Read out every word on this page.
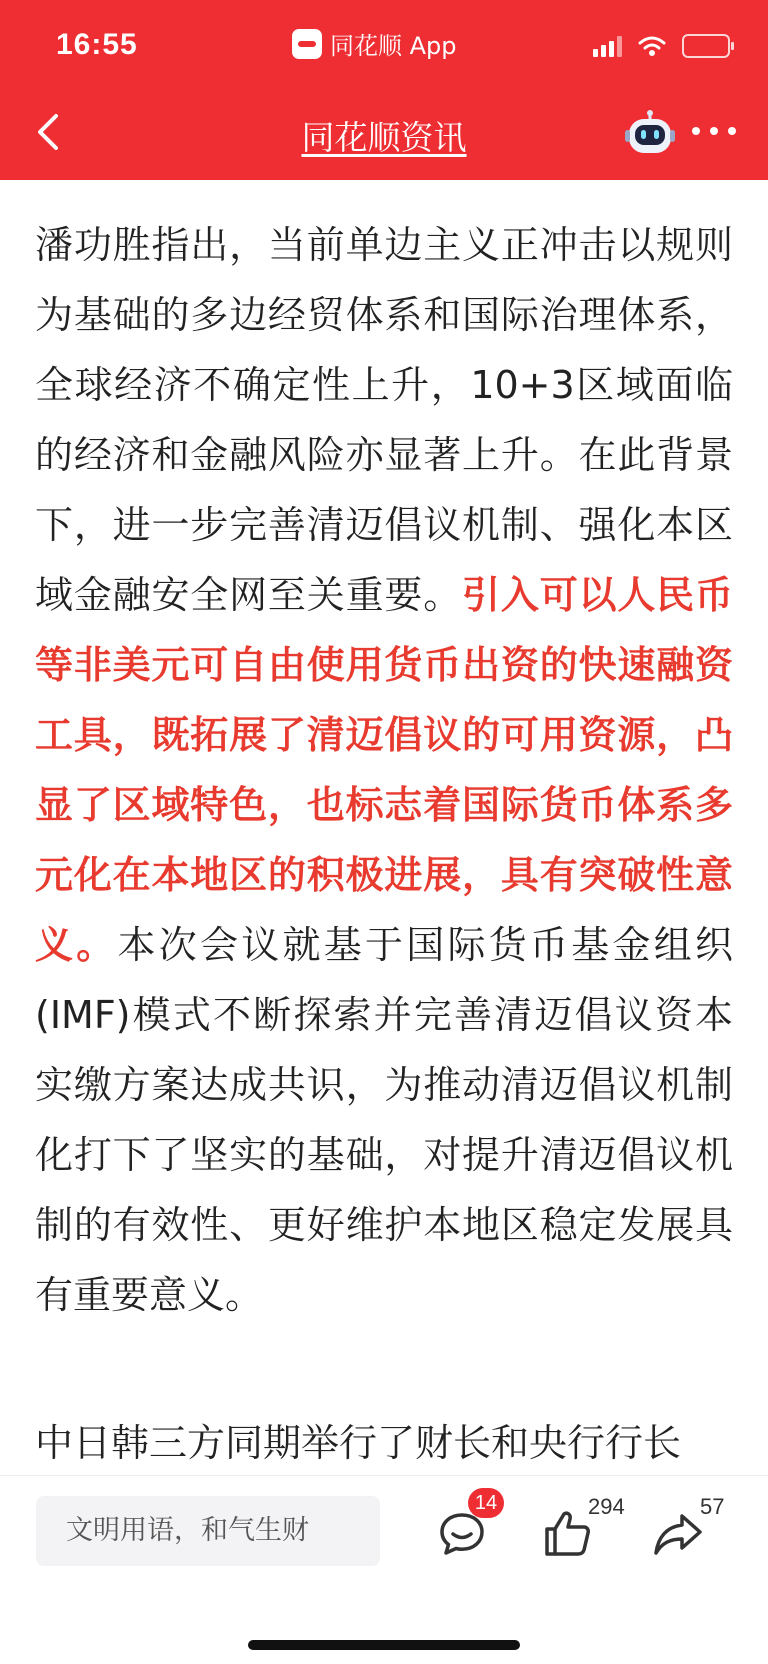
16:55	同花顺 App
同花顺资讯

潘功胜指出，当前单边主义正冲击以规则为基础的多边经贸体系和国际治理体系，全球经济不确定性上升，10+3区域面临的经济和金融风险亦显著上升。在此背景下，进一步完善清迈倡议机制、强化本区域金融安全网至关重要。引入可以人民币等非美元可自由使用货币出资的快速融资工具，既拓展了清迈倡议的可用资源，凸显了区域特色，也标志着国际货币体系多元化在本地区的积极进展，具有突破性意义。本次会议就基于国际货币基金组织(IMF)模式不断探索并完善清迈倡议资本实缴方案达成共识，为推动清迈倡议机制化打下了坚实的基础，对提升清迈倡议机制的有效性、更好维护本地区稳定发展具有重要意义。

中日韩三方同期举行了财长和央行行长

文明用语，和气生财
14	294	57
